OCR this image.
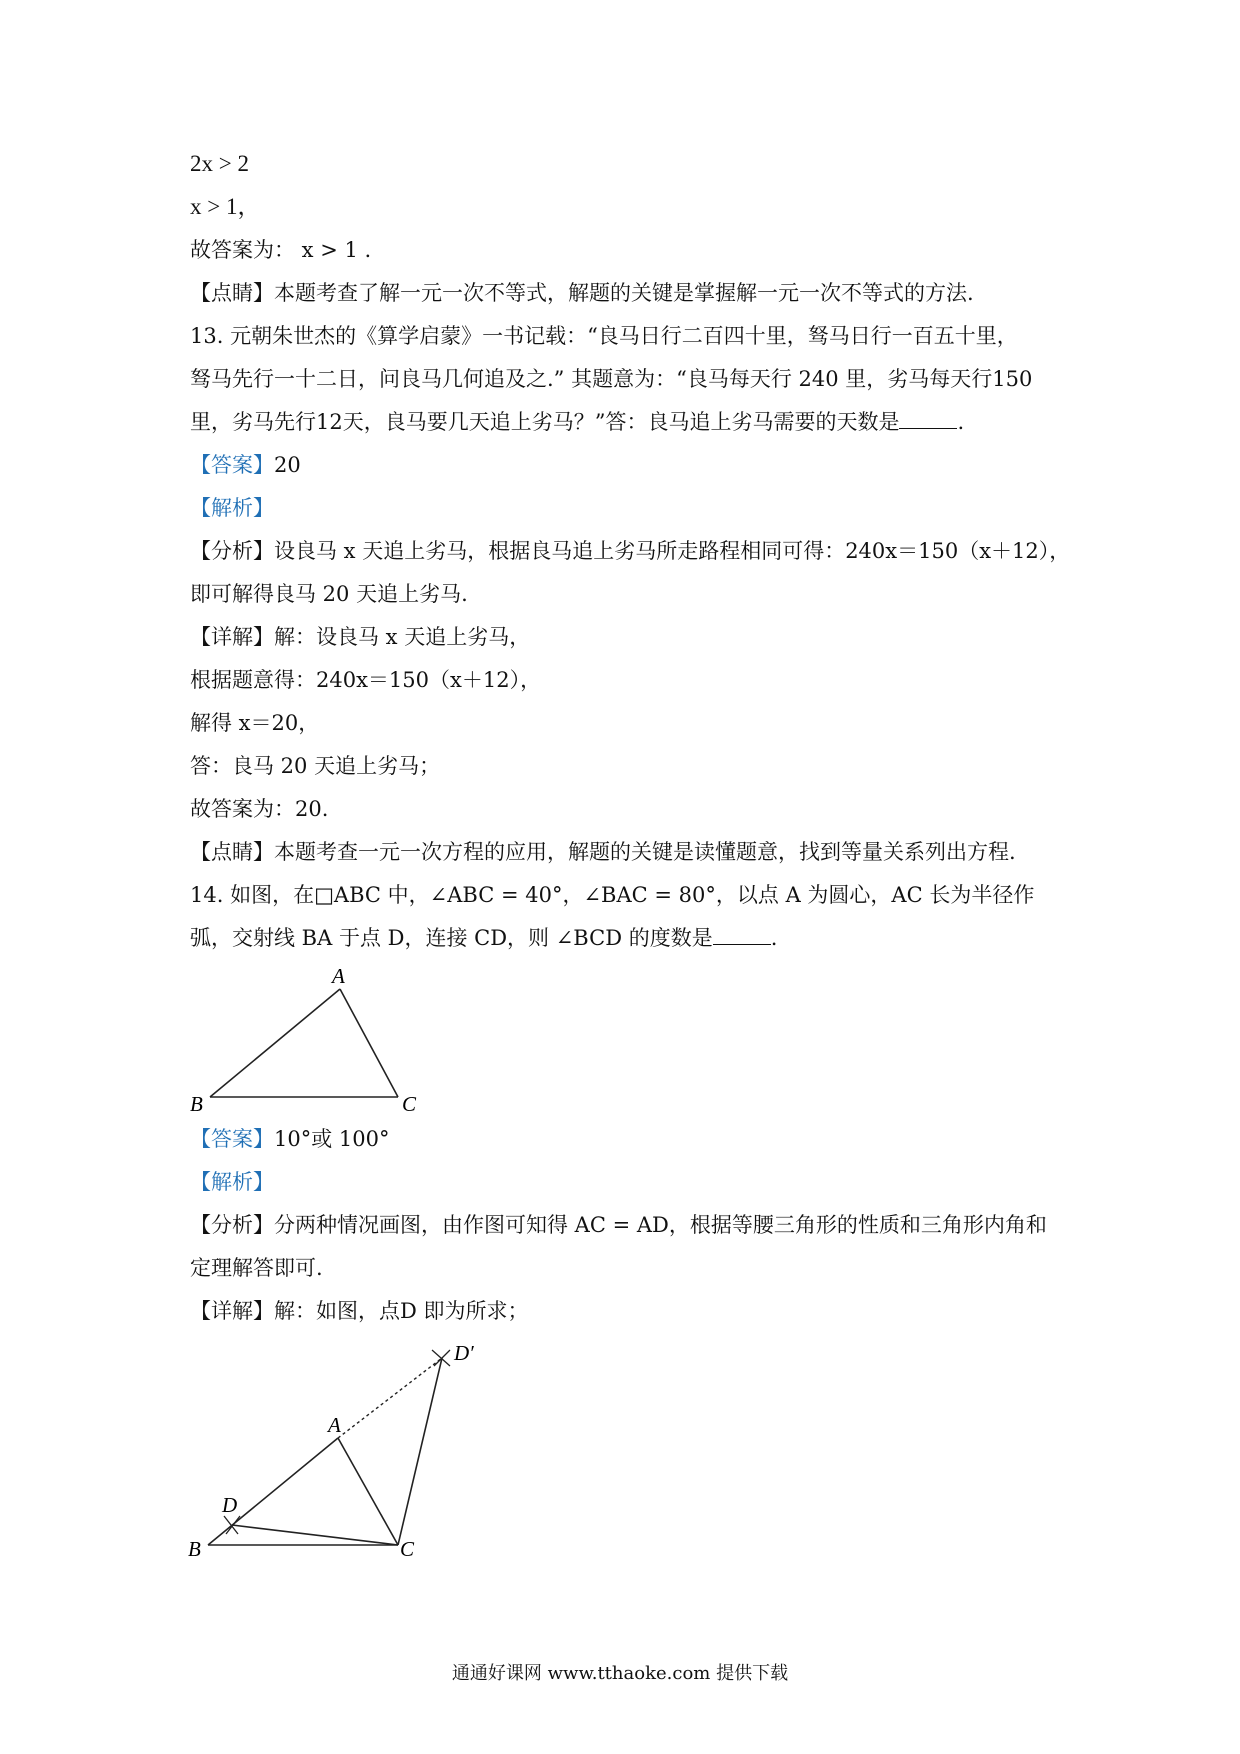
2x > 2
x > 1，
故答案为： x > 1 .
【点睛】本题考查了解一元一次不等式，解题的关键是掌握解一元一次不等式的方法.
13. 元朝朱世杰的《算学启蒙》一书记载：“良马日行二百四十里，驽马日行一百五十里，
驽马先行一十二日，问良马几何追及之.” 其题意为：“良马每天行 240 里，劣马每天行150
里，劣马先行12天，良马要几天追上劣马？”答：良马追上劣马需要的天数是	.
【答案】20
【解析】
【分析】设良马 x 天追上劣马，根据良马追上劣马所走路程相同可得：240x＝150（x＋12），
即可解得良马 20 天追上劣马.
【详解】解：设良马 x 天追上劣马，
根据题意得：240x＝150（x＋12），
解得 x＝20，
答：良马 20 天追上劣马；
故答案为：20.
【点睛】本题考查一元一次方程的应用，解题的关键是读懂题意，找到等量关系列出方程.
14. 如图，在□ABC 中，∠ABC = 40°，∠BAC = 80°，以点 A 为圆心，AC 长为半径作
弧，交射线 BA 于点 D，连接 CD，则 ∠BCD 的度数是	.
A
B	C
【答案】10°或 100°
【解析】
【分析】分两种情况画图，由作图可知得 AC = AD，根据等腰三角形的性质和三角形内角和
定理解答即可.
【详解】解：如图，点D 即为所求；
A
B	C
D
D′
通通好课网 www.tthaoke.com 提供下载
